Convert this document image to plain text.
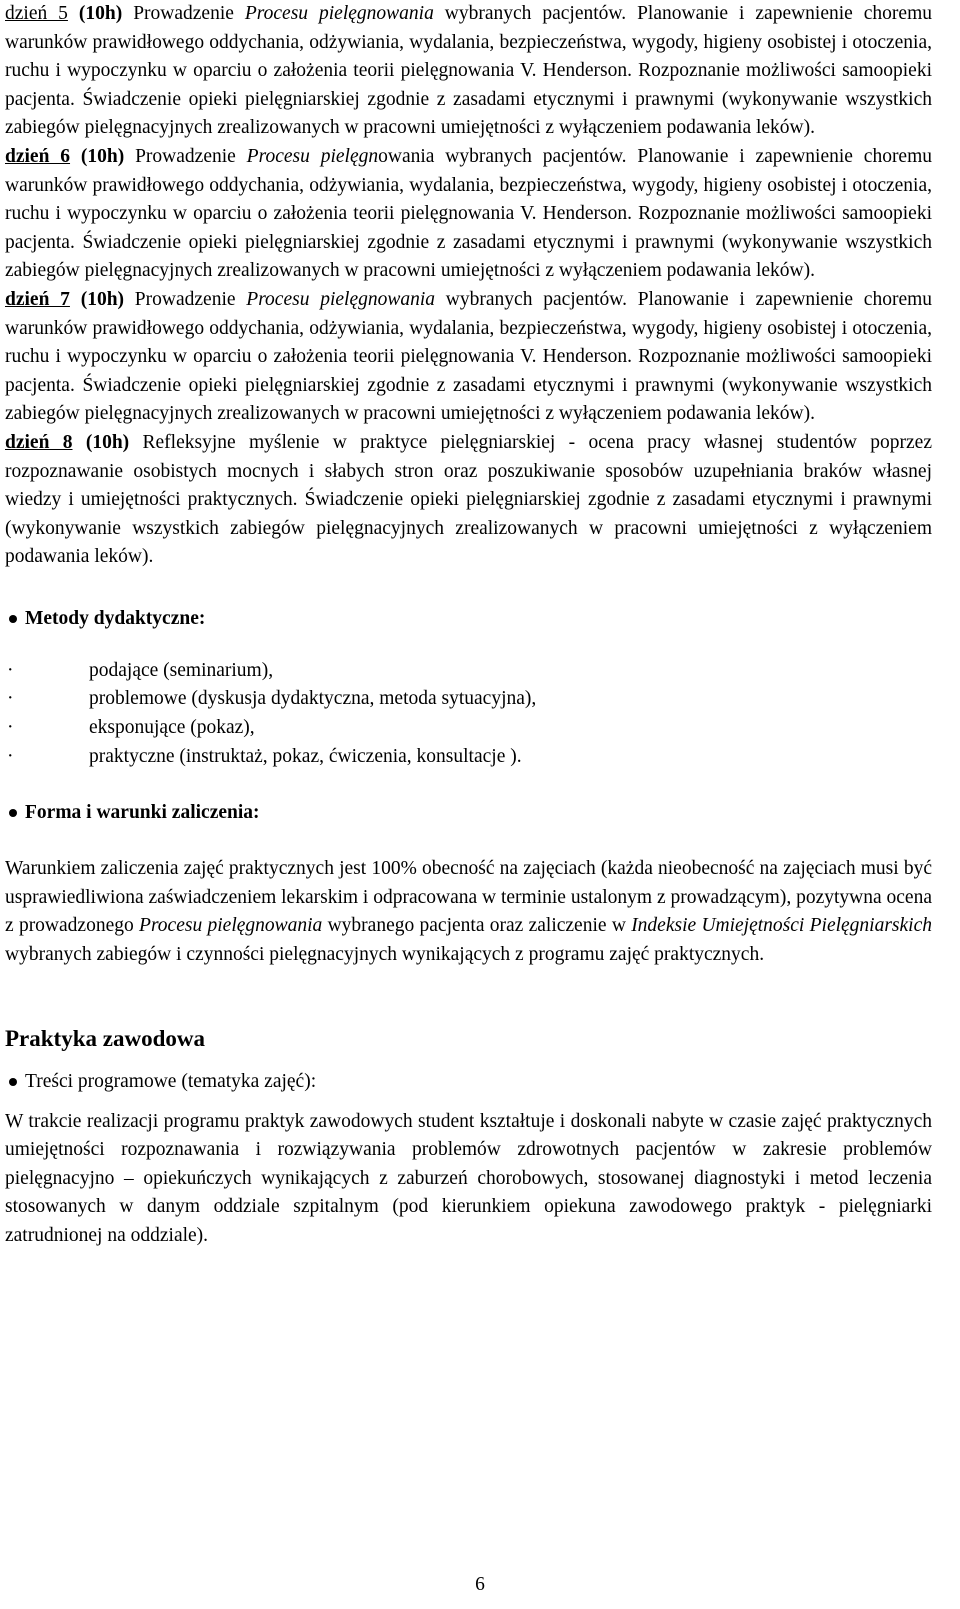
dzień 5 (10h) Prowadzenie Procesu pielęgnowania wybranych pacjentów. Planowanie i zapewnienie choremu warunków prawidłowego oddychania, odżywiania, wydalania, bezpieczeństwa, wygody, higieny osobistej i otoczenia, ruchu i wypoczynku w oparciu o założenia teorii pielęgnowania V. Henderson. Rozpoznanie możliwości samoopieki pacjenta. Świadczenie opieki pielęgniarskiej zgodnie z zasadami etycznymi i prawnymi (wykonywanie wszystkich zabiegów pielęgnacyjnych zrealizowanych w pracowni umiejętności z wyłączeniem podawania leków).

dzień 6 (10h) Prowadzenie Procesu pielęgnowania wybranych pacjentów. Planowanie i zapewnienie choremu warunków prawidłowego oddychania, odżywiania, wydalania, bezpieczeństwa, wygody, higieny osobistej i otoczenia, ruchu i wypoczynku w oparciu o założenia teorii pielęgnowania V. Henderson. Rozpoznanie możliwości samoopieki pacjenta. Świadczenie opieki pielęgniarskiej zgodnie z zasadami etycznymi i prawnymi (wykonywanie wszystkich zabiegów pielęgnacyjnych zrealizowanych w pracowni umiejętności z wyłączeniem podawania leków).

dzień 7 (10h) Prowadzenie Procesu pielęgnowania wybranych pacjentów. Planowanie i zapewnienie choremu warunków prawidłowego oddychania, odżywiania, wydalania, bezpieczeństwa, wygody, higieny osobistej i otoczenia, ruchu i wypoczynku w oparciu o założenia teorii pielęgnowania V. Henderson. Rozpoznanie możliwości samoopieki pacjenta. Świadczenie opieki pielęgniarskiej zgodnie z zasadami etycznymi i prawnymi (wykonywanie wszystkich zabiegów pielęgnacyjnych zrealizowanych w pracowni umiejętności z wyłączeniem podawania leków).

dzień 8 (10h) Refleksyjne myślenie w praktyce pielęgniarskiej - ocena pracy własnej studentów poprzez rozpoznawanie osobistych mocnych i słabych stron oraz poszukiwanie sposobów uzupełniania braków własnej wiedzy i umiejętności praktycznych. Świadczenie opieki pielęgniarskiej zgodnie z zasadami etycznymi i prawnymi (wykonywanie wszystkich zabiegów pielęgnacyjnych zrealizowanych w pracowni umiejętności z wyłączeniem podawania leków).

Metody dydaktyczne:

·	podające (seminarium),
·	problemowe (dyskusja dydaktyczna, metoda sytuacyjna),
·	eksponujące (pokaz),
·	praktyczne (instruktaż, pokaz, ćwiczenia, konsultacje ).

Forma i warunki zaliczenia:

Warunkiem zaliczenia zajęć praktycznych jest 100% obecność na zajęciach (każda nieobecność na zajęciach musi być usprawiedliwiona zaświadczeniem lekarskim i odpracowana w terminie ustalonym z prowadzącym), pozytywna ocena z prowadzonego Procesu pielęgnowania wybranego pacjenta oraz zaliczenie w Indeksie Umiejętności Pielęgniarskich wybranych zabiegów i czynności pielęgnacyjnych wynikających z programu zajęć praktycznych.

Praktyka zawodowa

Treści programowe (tematyka zajęć):

W trakcie realizacji programu praktyk zawodowych student kształtuje i doskonali nabyte w czasie zajęć praktycznych umiejętności rozpoznawania i rozwiązywania problemów zdrowotnych pacjentów w zakresie problemów pielęgnacyjno – opiekuńczych wynikających z zaburzeń chorobowych, stosowanej diagnostyki i metod leczenia stosowanych w danym oddziale szpitalnym (pod kierunkiem opiekuna zawodowego praktyk - pielęgniarki zatrudnionej na oddziale).

6
